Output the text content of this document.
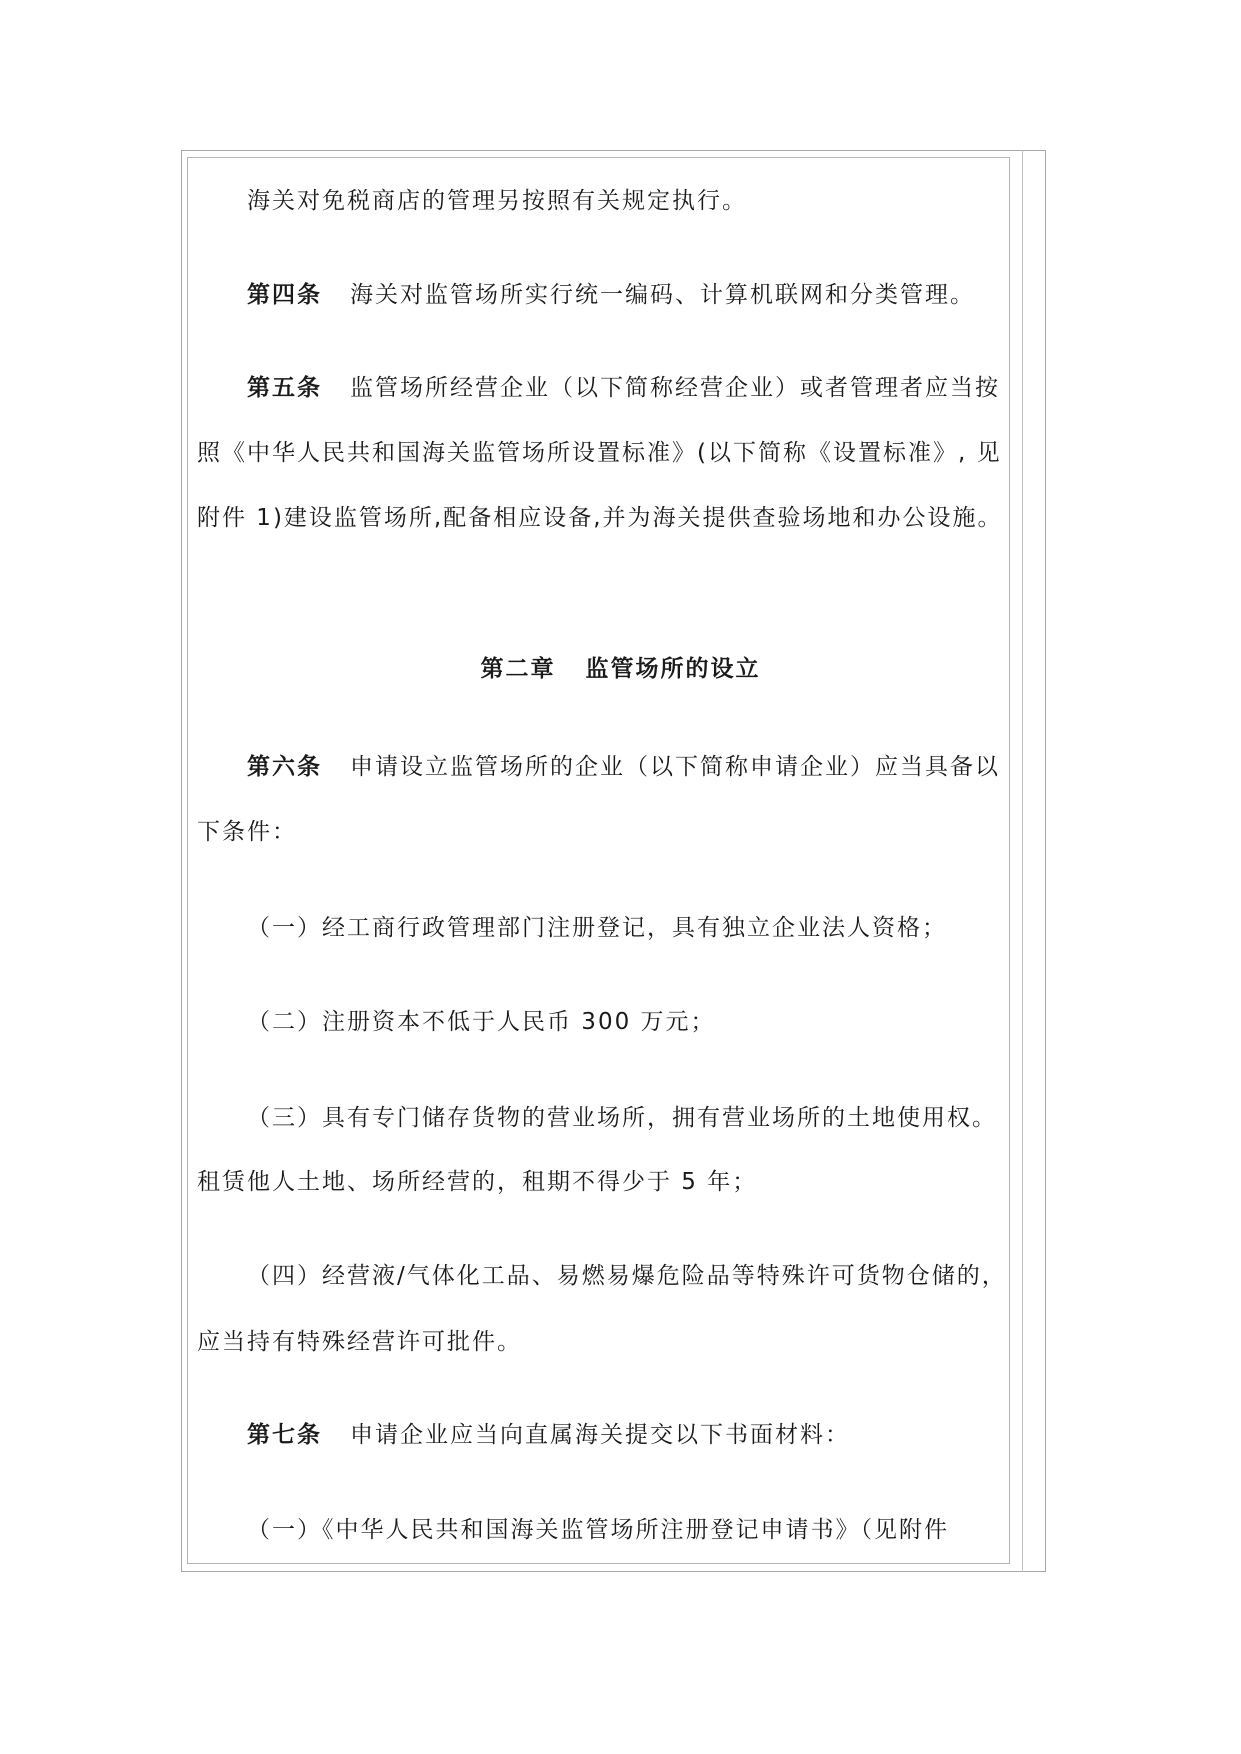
海关对免税商店的管理另按照有关规定执行。
第四条 海关对监管场所实行统一编码、计算机联网和分类管理。
第五条 监管场所经营企业（以下简称经营企业）或者管理者应当按
照《中华人民共和国海关监管场所设置标准》(以下简称《设置标准》, 见
附件 1)建设监管场所,配备相应设备,并为海关提供查验场地和办公设施。
第二章 监管场所的设立
第六条 申请设立监管场所的企业（以下简称申请企业）应当具备以
下条件：
（一）经工商行政管理部门注册登记，具有独立企业法人资格；
（二）注册资本不低于人民币 300 万元；
（三）具有专门储存货物的营业场所，拥有营业场所的土地使用权。
租赁他人土地、场所经营的，租期不得少于 5 年；
（四）经营液/气体化工品、易燃易爆危险品等特殊许可货物仓储的，
应当持有特殊经营许可批件。
第七条 申请企业应当向直属海关提交以下书面材料：
（一）《中华人民共和国海关监管场所注册登记申请书》（见附件
